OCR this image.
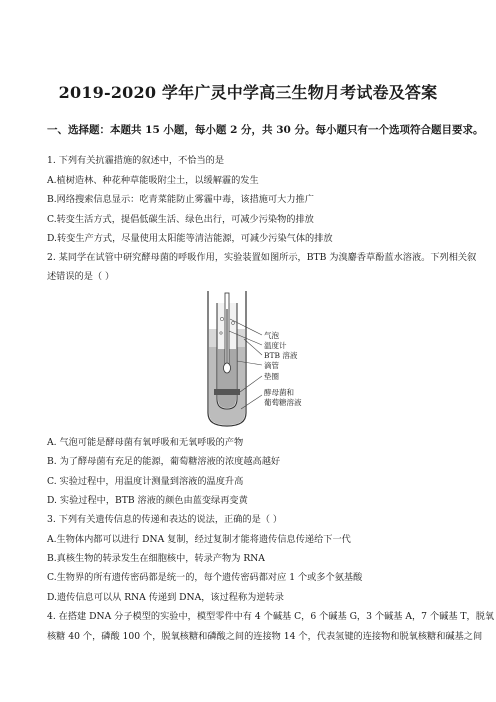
2019-2020 学年广灵中学高三生物月考试卷及答案
一、选择题：本题共 15 小题，每小题 2 分，共 30 分。每小题只有一个选项符合题目要求。
1. 下列有关抗霾措施的叙述中，不恰当的是
A.植树造林、种花种草能吸附尘土，以缓解霾的发生
B.网络搜索信息显示：吃青菜能防止雾霾中毒，该措施可大力推广
C.转变生活方式，提倡低碳生活、绿色出行，可减少污染物的排放
D.转变生产方式，尽量使用太阳能等清洁能源，可减少污染气体的排放
2. 某同学在试管中研究酵母菌的呼吸作用，实验装置如图所示，BTB 为溴麝香草酚蓝水溶液。下列相关叙
述错误的是（ ）
气泡
温度计
BTB 溶液
滴管
垫圈
酵母菌和
葡萄糖溶液
A. 气泡可能是酵母菌有氧呼吸和无氧呼吸的产物
B. 为了酵母菌有充足的能源，葡萄糖溶液的浓度越高越好
C. 实验过程中，用温度计测量到溶液的温度升高
D. 实验过程中，BTB 溶液的颜色由蓝变绿再变黄
3. 下列有关遗传信息的传递和表达的说法，正确的是（ ）
A.生物体内都可以进行 DNA 复制，经过复制才能将遗传信息传递给下一代
B.真核生物的转录发生在细胞核中，转录产物为 RNA
C.生物界的所有遗传密码都是统一的，每个遗传密码都对应 1 个或多个氨基酸
D.遗传信息可以从 RNA 传递到 DNA，该过程称为逆转录
4. 在搭建 DNA 分子模型的实验中，模型零件中有 4 个碱基 C，6 个碱基 G，3 个碱基 A，7 个碱基 T，脱氧
核糖 40 个，磷酸 100 个，脱氧核糖和磷酸之间的连接物 14 个，代表氢键的连接物和脱氧核糖和碱基之间
